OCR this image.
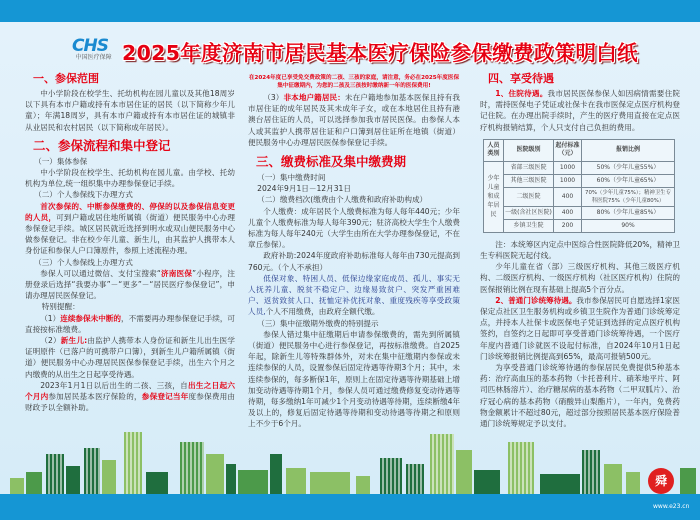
CHS
中国医疗保障 2025年度济南市居民基本医疗保险参保缴费政策明白纸
一、参保范围
中小学阶段在校学生、托幼机构在园儿童以及其他18周岁以下具有本市户籍或持有本市居住证的居民（以下简称少年儿童）；年满18周岁，具有本市户籍或持有本市居住证的城镇非从业居民和农村居民（以下简称成年居民）。
二、参保流程和集中登记
（一）集体参保
中小学阶段在校学生、托幼机构在园儿童。由学校、托幼机构为单位,统一组织集中办理参保登记手续。
（二）个人参保线下办理方式
首次参保的、中断参保缴费的、停保的以及参保信息变更的人员，可到户籍或居住地所属镇（街道）便民服务中心办理参保登记手续。城区居民就近选择到明水或双山便民服务中心做参保登记。非在校少年儿童、新生儿，由其监护人携带本人身份证和参保人户口簿原件，参照上述流程办理。
（三）个人参保线上办理方式
参保人可以通过微信、支付宝搜索“济南医保”小程序，注册登录后选择“我要办事”－“更多”－“居民医疗参保登记”，申请办理居民医保登记。
特别提醒：
（1）连续参保未中断的，不需要再办理参保登记手续，可直接按标准缴费。
（2）新生儿:由监护人携带本人身份证和新生儿出生医学证明原件（已落户的可携带户口簿），到新生儿户籍所属镇（街道）便民服务中心办理居民医保参保登记手续，出生六个月之内缴费的从出生之日起享受待遇。
2023年1月1日以后出生的二孩、三孩，自出生之日起六个月内参加居民基本医疗保险的，参保登记当年度参保费用由财政予以全额补助。
在2024年度已享受免交费政策的二孩、三孩的家庭，请注意，务必在2025年度医保集中征缴期内，为您的二孩及三孩按时缴纳新一年的医保费用!
（3）非本地户籍居民：未在户籍地参加基本医保且持有我市居住证的成年居民及其未成年子女，或在本地居住且持有港澳台居住证的人员，可以选择参加我市居民医保。由参保人本人或其监护人携带居住证和户口簿到居住证所在地镇（街道）便民服务中心办理居民医保参保登记手续。
三、缴费标准及集中缴费期
（一）集中缴费时间
2024年9月1日－12月31日
（二）缴费档次(缴费由个人缴费和政府补助构成）
个人缴费：成年居民个人缴费标准为每人每年440元；少年儿童个人缴费标准为每人每年390元；驻济高校大学生个人缴费标准为每人每年240元（大学生由所在大学办理参保登记，不在章丘参保）。
政府补助:2024年度政府补助标准每人每年由730元提高到760元。（个人不承担）
低保对象、特困人员、低保边缘家庭成员、孤儿、事实无人抚养儿童、脱贫不稳定户、边缘易致贫户、突发严重困难户、返贫致贫人口、抚恤定补优抚对象、重度残疾等享受政策人员,个人不用缴费，由政府全额代缴。
（三）集中征缴期外缴费的特别提示
参保人错过集中征缴期后申请参保缴费的，需先到所属镇（街道）便民服务中心进行参保登记，再按标准缴费。自2025年起，除新生儿等特殊群体外，对未在集中征缴期内参保或未连续参保的人员，设置参保后固定待遇等待期3个月；其中，未连续参保的，每多断保1年，原则上在固定待遇等待期基础上增加变动待遇等待期1个月，参保人员可通过缴费修复变动待遇等待期，每多缴纳1年可减少1个月变动待遇等待期，连续断缴4年及以上的，修复后固定待遇等待期和变动待遇等待期之和原则上不少于6个月。
四、享受待遇
1、住院待遇。我市居民医保参保人如因病情需要住院时，需持医保电子凭证或社保卡在我市医保定点医疗机构登记住院。在办理出院手续时，产生的医疗费用直接在定点医疗机构报销结算，个人只支付自己负担的费用。
人员类别	医院级别	起付标准（元）	报销比例
少年儿童和成年居民	省部三级医院	1000	50%（少年儿童55%）
	其他三级医院	1000	60%（少年儿童65%）
	二级医院	400	70%（少年儿童75%）；精神卫生专科医院75%（少年儿童80%）
	一级(含社区医院)	400	80%（少年儿童85%）
	乡镇卫生院	200	90%
注：本统筹区内定点中医综合性医院降低20%，精神卫生专科医院无起付线。
少年儿童在省（部）三级医疗机构、其他三级医疗机构、二级医疗机构、一级医疗机构（社区医疗机构）住院的医保报销比例在现有基础上提高5个百分点。
2、普通门诊统筹待遇。我市参保居民可自愿选择1家医保定点社区卫生服务机构或乡镇卫生院作为普通门诊统筹定点，并持本人社保卡或医保电子凭证到选择的定点医疗机构签约，自签约之日起即可享受普通门诊统筹待遇，一个医疗年度内普通门诊就医不设起付标准，自2024年10月1日起门诊统筹报销比例提高到65%，最高可报销500元。
为享受普通门诊统筹待遇的参保居民免费提供5种基本药：治疗高血压的基本药物（卡托普利片、硝苯地平片、阿司匹林肠溶片）、治疗糖尿病的基本药物（二甲双胍片）、治疗冠心病的基本药物（硝酸异山梨酯片），一年内，免费药物金额累计不超过80元，超过部分按照居民基本医疗保险普通门诊统筹规定予以支付。
舜
www.e23.cn
